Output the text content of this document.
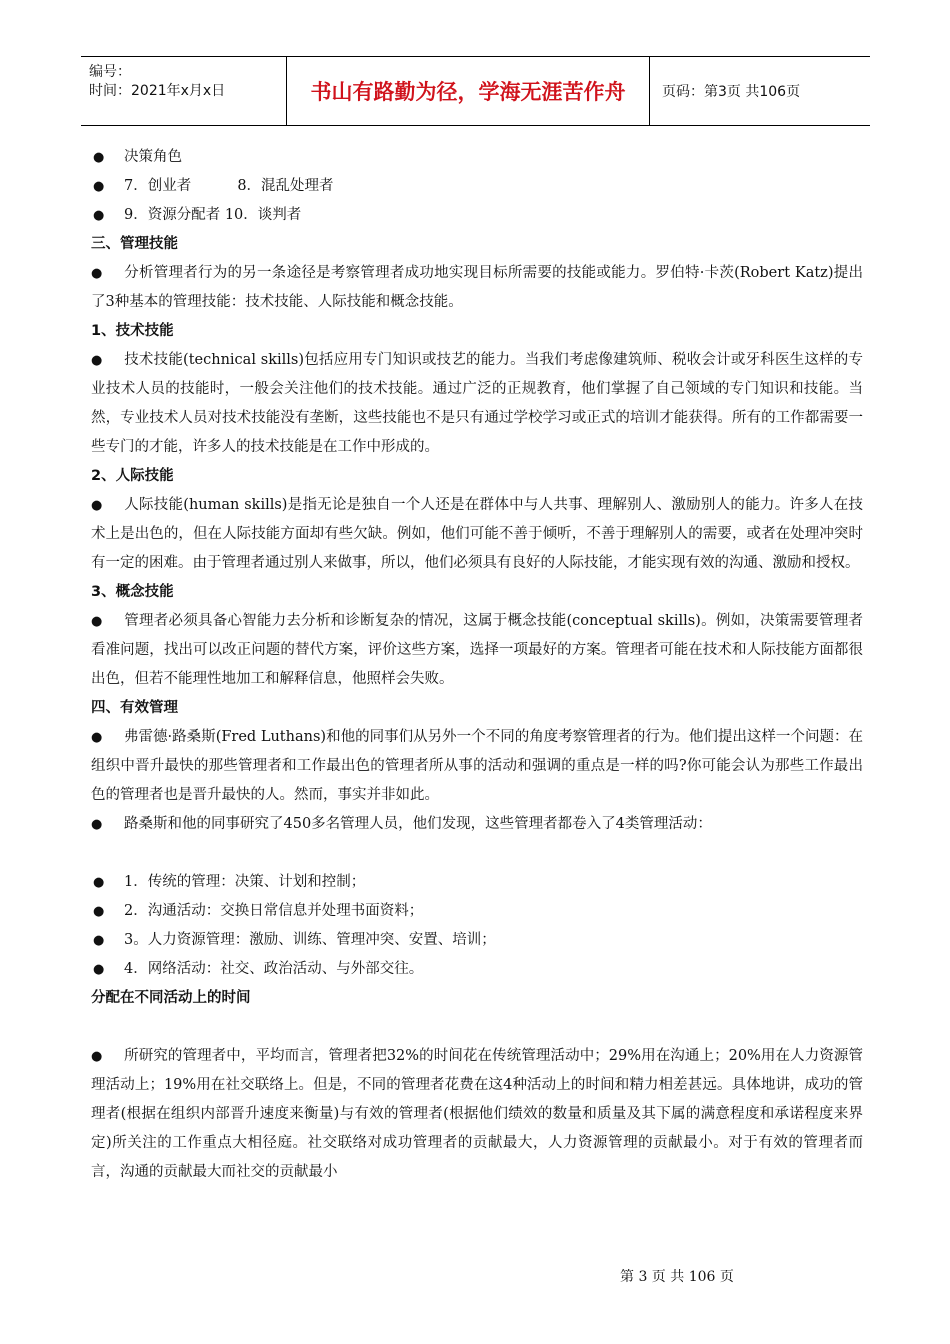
编号：
时间：2021年x月x日	书山有路勤为径，学海无涯苦作舟	页码：第3页 共106页
● 决策角色
● 7．创业者          8．混乱处理者
● 9．资源分配者 10．谈判者
三、管理技能
● 分析管理者行为的另一条途径是考察管理者成功地实现目标所需要的技能或能力。罗伯特·卡茨(Robert Katz)提出了3种基本的管理技能：技术技能、人际技能和概念技能。
1、技术技能
● 技术技能(technical skills)包括应用专门知识或技艺的能力。当我们考虑像建筑师、税收会计或牙科医生这样的专业技术人员的技能时，一般会关注他们的技术技能。通过广泛的正规教育，他们掌握了自己领域的专门知识和技能。当然，专业技术人员对技术技能没有垄断，这些技能也不是只有通过学校学习或正式的培训才能获得。所有的工作都需要一些专门的才能，许多人的技术技能是在工作中形成的。
2、人际技能
● 人际技能(human skills)是指无论是独自一个人还是在群体中与人共事、理解别人、激励别人的能力。许多人在技术上是出色的，但在人际技能方面却有些欠缺。例如，他们可能不善于倾听，不善于理解别人的需要，或者在处理冲突时有一定的困难。由于管理者通过别人来做事，所以，他们必须具有良好的人际技能，才能实现有效的沟通、激励和授权。
3、概念技能
● 管理者必须具备心智能力去分析和诊断复杂的情况，这属于概念技能(conceptual skills)。例如，决策需要管理者看准问题，找出可以改正问题的替代方案，评价这些方案，选择一项最好的方案。管理者可能在技术和人际技能方面都很出色，但若不能理性地加工和解释信息，他照样会失败。
四、有效管理
● 弗雷德·路桑斯(Fred Luthans)和他的同事们从另外一个不同的角度考察管理者的行为。他们提出这样一个问题：在组织中晋升最快的那些管理者和工作最出色的管理者所从事的活动和强调的重点是一样的吗?你可能会认为那些工作最出色的管理者也是晋升最快的人。然而，事实并非如此。
● 路桑斯和他的同事研究了450多名管理人员，他们发现，这些管理者都卷入了4类管理活动：
● 1．传统的管理：决策、计划和控制；
● 2．沟通活动：交换日常信息并处理书面资料；
● 3。人力资源管理：激励、训练、管理冲突、安置、培训；
● 4．网络活动：社交、政治活动、与外部交往。
分配在不同活动上的时间
● 所研究的管理者中，平均而言，管理者把32%的时间花在传统管理活动中；29%用在沟通上；20%用在人力资源管理活动上；19%用在社交联络上。但是，不同的管理者花费在这4种活动上的时间和精力相差甚远。具体地讲，成功的管理者(根据在组织内部晋升速度来衡量)与有效的管理者(根据他们绩效的数量和质量及其下属的满意程度和承诺程度来界定)所关注的工作重点大相径庭。社交联络对成功管理者的贡献最大，人力资源管理的贡献最小。对于有效的管理者而言，沟通的贡献最大而社交的贡献最小
第 3 页 共 106 页
